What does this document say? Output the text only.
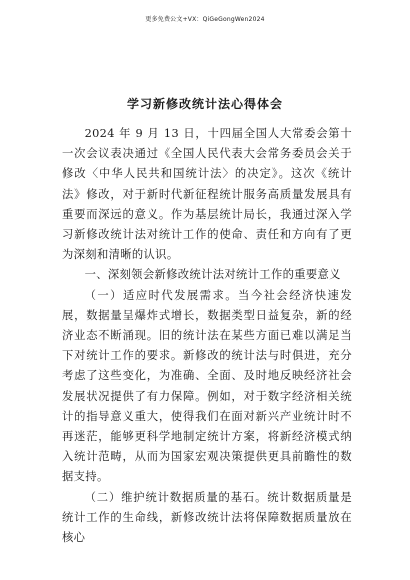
更多免费公文+VX：QiGeGongWen2024
学习新修改统计法心得体会

2024 年 9 月 13 日，十四届全国人大常委会第十一次会议表决通过《全国人民代表大会常务委员会关于修改〈中华人民共和国统计法〉的决定》。这次《统计法》修改，对于新时代新征程统计服务高质量发展具有重要而深远的意义。作为基层统计局长，我通过深入学习新修改统计法对统计工作的使命、责任和方向有了更为深刻和清晰的认识。

一、深刻领会新修改统计法对统计工作的重要意义

（一）适应时代发展需求。当今社会经济快速发展，数据量呈爆炸式增长，数据类型日益复杂，新的经济业态不断涌现。旧的统计法在某些方面已难以满足当下对统计工作的要求。新修改的统计法与时俱进，充分考虑了这些变化，为准确、全面、及时地反映经济社会发展状况提供了有力保障。例如，对于数字经济相关统计的指导意义重大，使得我们在面对新兴产业统计时不再迷茫，能够更科学地制定统计方案，将新经济模式纳入统计范畴，从而为国家宏观决策提供更具前瞻性的数据支持。

（二）维护统计数据质量的基石。统计数据质量是统计工作的生命线，新修改统计法将保障数据质量放在核心
